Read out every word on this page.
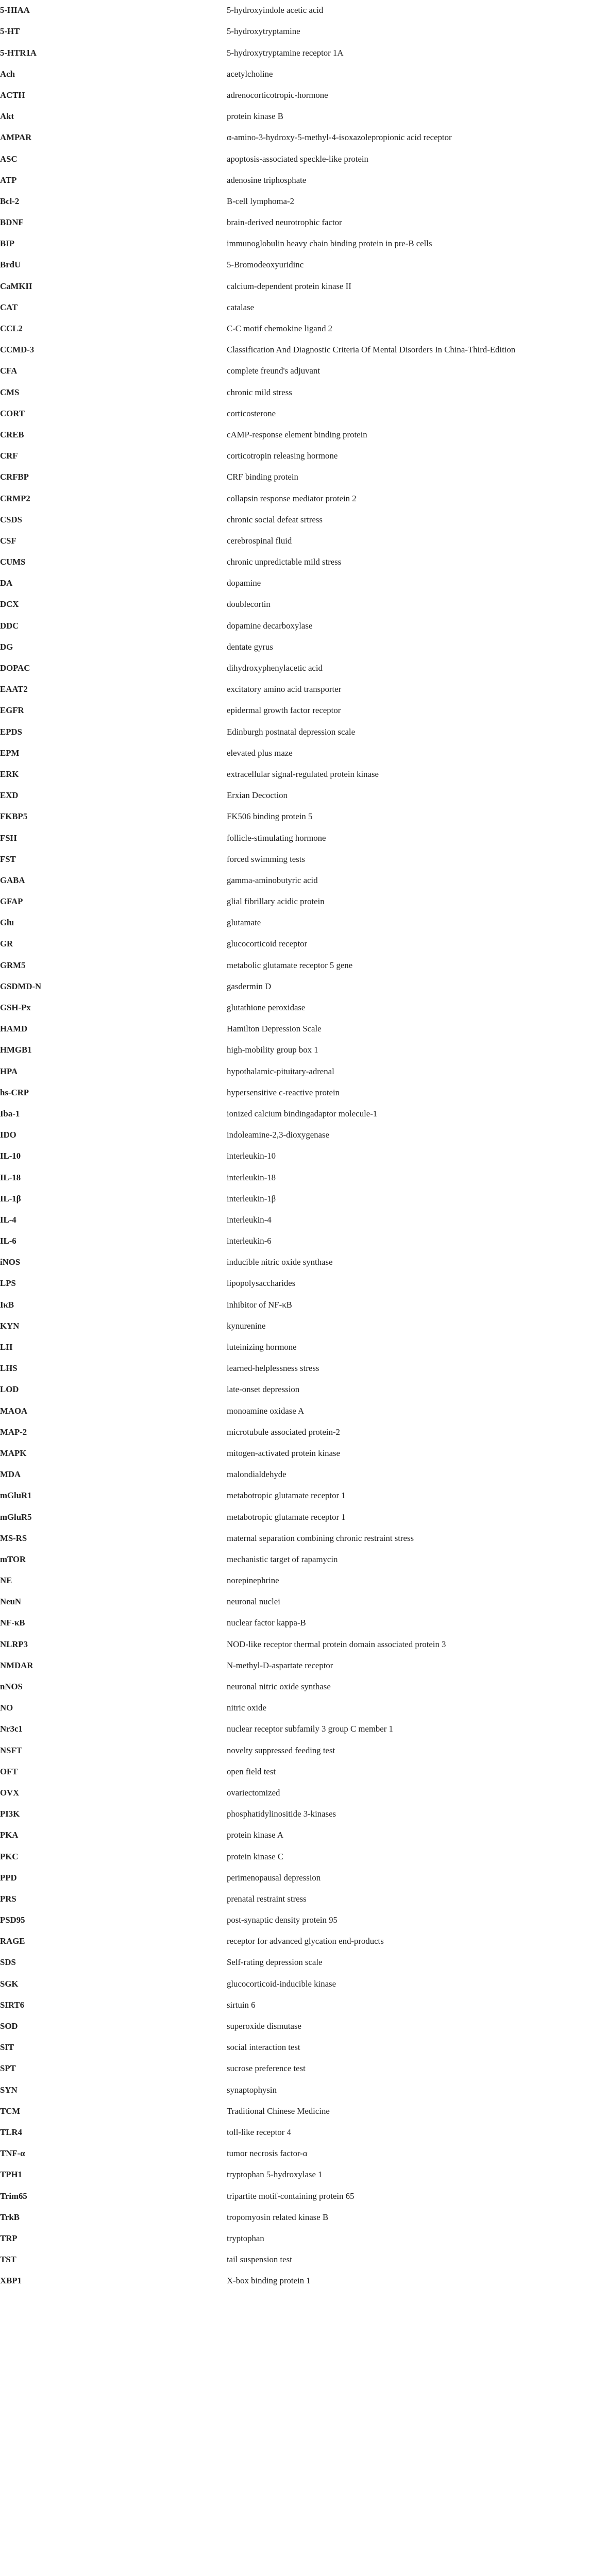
5-HIAA	5-hydroxyindole acetic acid
5-HT	5-hydroxytryptamine
5-HTR1A	5-hydroxytryptamine receptor 1A
Ach	acetylcholine
ACTH	adrenocorticotropic-hormone
Akt	protein kinase B
AMPAR	α-amino-3-hydroxy-5-methyl-4-isoxazolepropionic acid receptor
ASC	apoptosis-associated speckle-like protein
ATP	adenosine triphosphate
Bcl-2	B-cell lymphoma-2
BDNF	brain-derived neurotrophic factor
BIP	immunoglobulin heavy chain binding protein in pre-B cells
BrdU	5-Bromodeoxyuridinc
CaMKII	calcium-dependent protein kinase II
CAT	catalase
CCL2	C-C motif chemokine ligand 2
CCMD-3	Classification And Diagnostic Criteria Of Mental Disorders In China-Third-Edition
CFA	complete freund's adjuvant
CMS	chronic mild stress
CORT	corticosterone
CREB	cAMP-response element binding protein
CRF	corticotropin releasing hormone
CRFBP	CRF binding protein
CRMP2	collapsin response mediator protein 2
CSDS	chronic social defeat srtress
CSF	cerebrospinal fluid
CUMS	chronic unpredictable mild stress
DA	dopamine
DCX	doublecortin
DDC	dopamine decarboxylase
DG	dentate gyrus
DOPAC	dihydroxyphenylacetic acid
EAAT2	excitatory amino acid transporter
EGFR	epidermal growth factor receptor
EPDS	Edinburgh postnatal depression scale
EPM	elevated plus maze
ERK	extracellular signal-regulated protein kinase
EXD	Erxian Decoction
FKBP5	FK506 binding protein 5
FSH	follicle-stimulating hormone
FST	forced swimming tests
GABA	gamma-aminobutyric acid
GFAP	glial fibrillary acidic protein
Glu	glutamate
GR	glucocorticoid receptor
GRM5	metabolic glutamate receptor 5 gene
GSDMD-N	gasdermin D
GSH-Px	glutathione peroxidase
HAMD	Hamilton Depression Scale
HMGB1	high-mobility group box 1
HPA	hypothalamic-pituitary-adrenal
hs-CRP	hypersensitive c-reactive protein
Iba-1	ionized calcium bindingadaptor molecule-1
IDO	indoleamine-2,3-dioxygenase
IL-10	interleukin-10
IL-18	interleukin-18
IL-1β	interleukin-1β
IL-4	interleukin-4
IL-6	interleukin-6
iNOS	inducible nitric oxide synthase
LPS	lipopolysaccharides
IκB	inhibitor of NF-κB
KYN	kynurenine
LH	luteinizing hormone
LHS	learned-helplessness stress
LOD	late-onset depression
MAOA	monoamine oxidase A
MAP-2	microtubule associated protein-2
MAPK	mitogen-activated protein kinase
MDA	malondialdehyde
mGluR1	metabotropic glutamate receptor 1
mGluR5	metabotropic glutamate receptor 1
MS-RS	maternal separation combining chronic restraint stress
mTOR	mechanistic target of rapamycin
NE	norepinephrine
NeuN	neuronal nuclei
NF-κB	nuclear factor kappa-B
NLRP3	NOD-like receptor thermal protein domain associated protein 3
NMDAR	N-methyl-D-aspartate receptor
nNOS	neuronal nitric oxide synthase
NO	nitric oxide
Nr3c1	nuclear receptor subfamily 3 group C member 1
NSFT	novelty suppressed feeding test
OFT	open field test
OVX	ovariectomized
PI3K	phosphatidylinositide 3-kinases
PKA	protein kinase A
PKC	protein kinase C
PPD	perimenopausal depression
PRS	prenatal restraint stress
PSD95	post-synaptic density protein 95
RAGE	receptor for advanced glycation end-products
SDS	Self-rating depression scale
SGK	glucocorticoid-inducible kinase
SIRT6	sirtuin 6
SOD	superoxide dismutase
SIT	social interaction test
SPT	sucrose preference test
SYN	synaptophysin
TCM	Traditional Chinese Medicine
TLR4	toll-like receptor 4
TNF-α	tumor necrosis factor-α
TPH1	tryptophan 5-hydroxylase 1
Trim65	tripartite motif-containing protein 65
TrkB	tropomyosin related kinase B
TRP	tryptophan
TST	tail suspension test
XBP1	X-box binding protein 1
